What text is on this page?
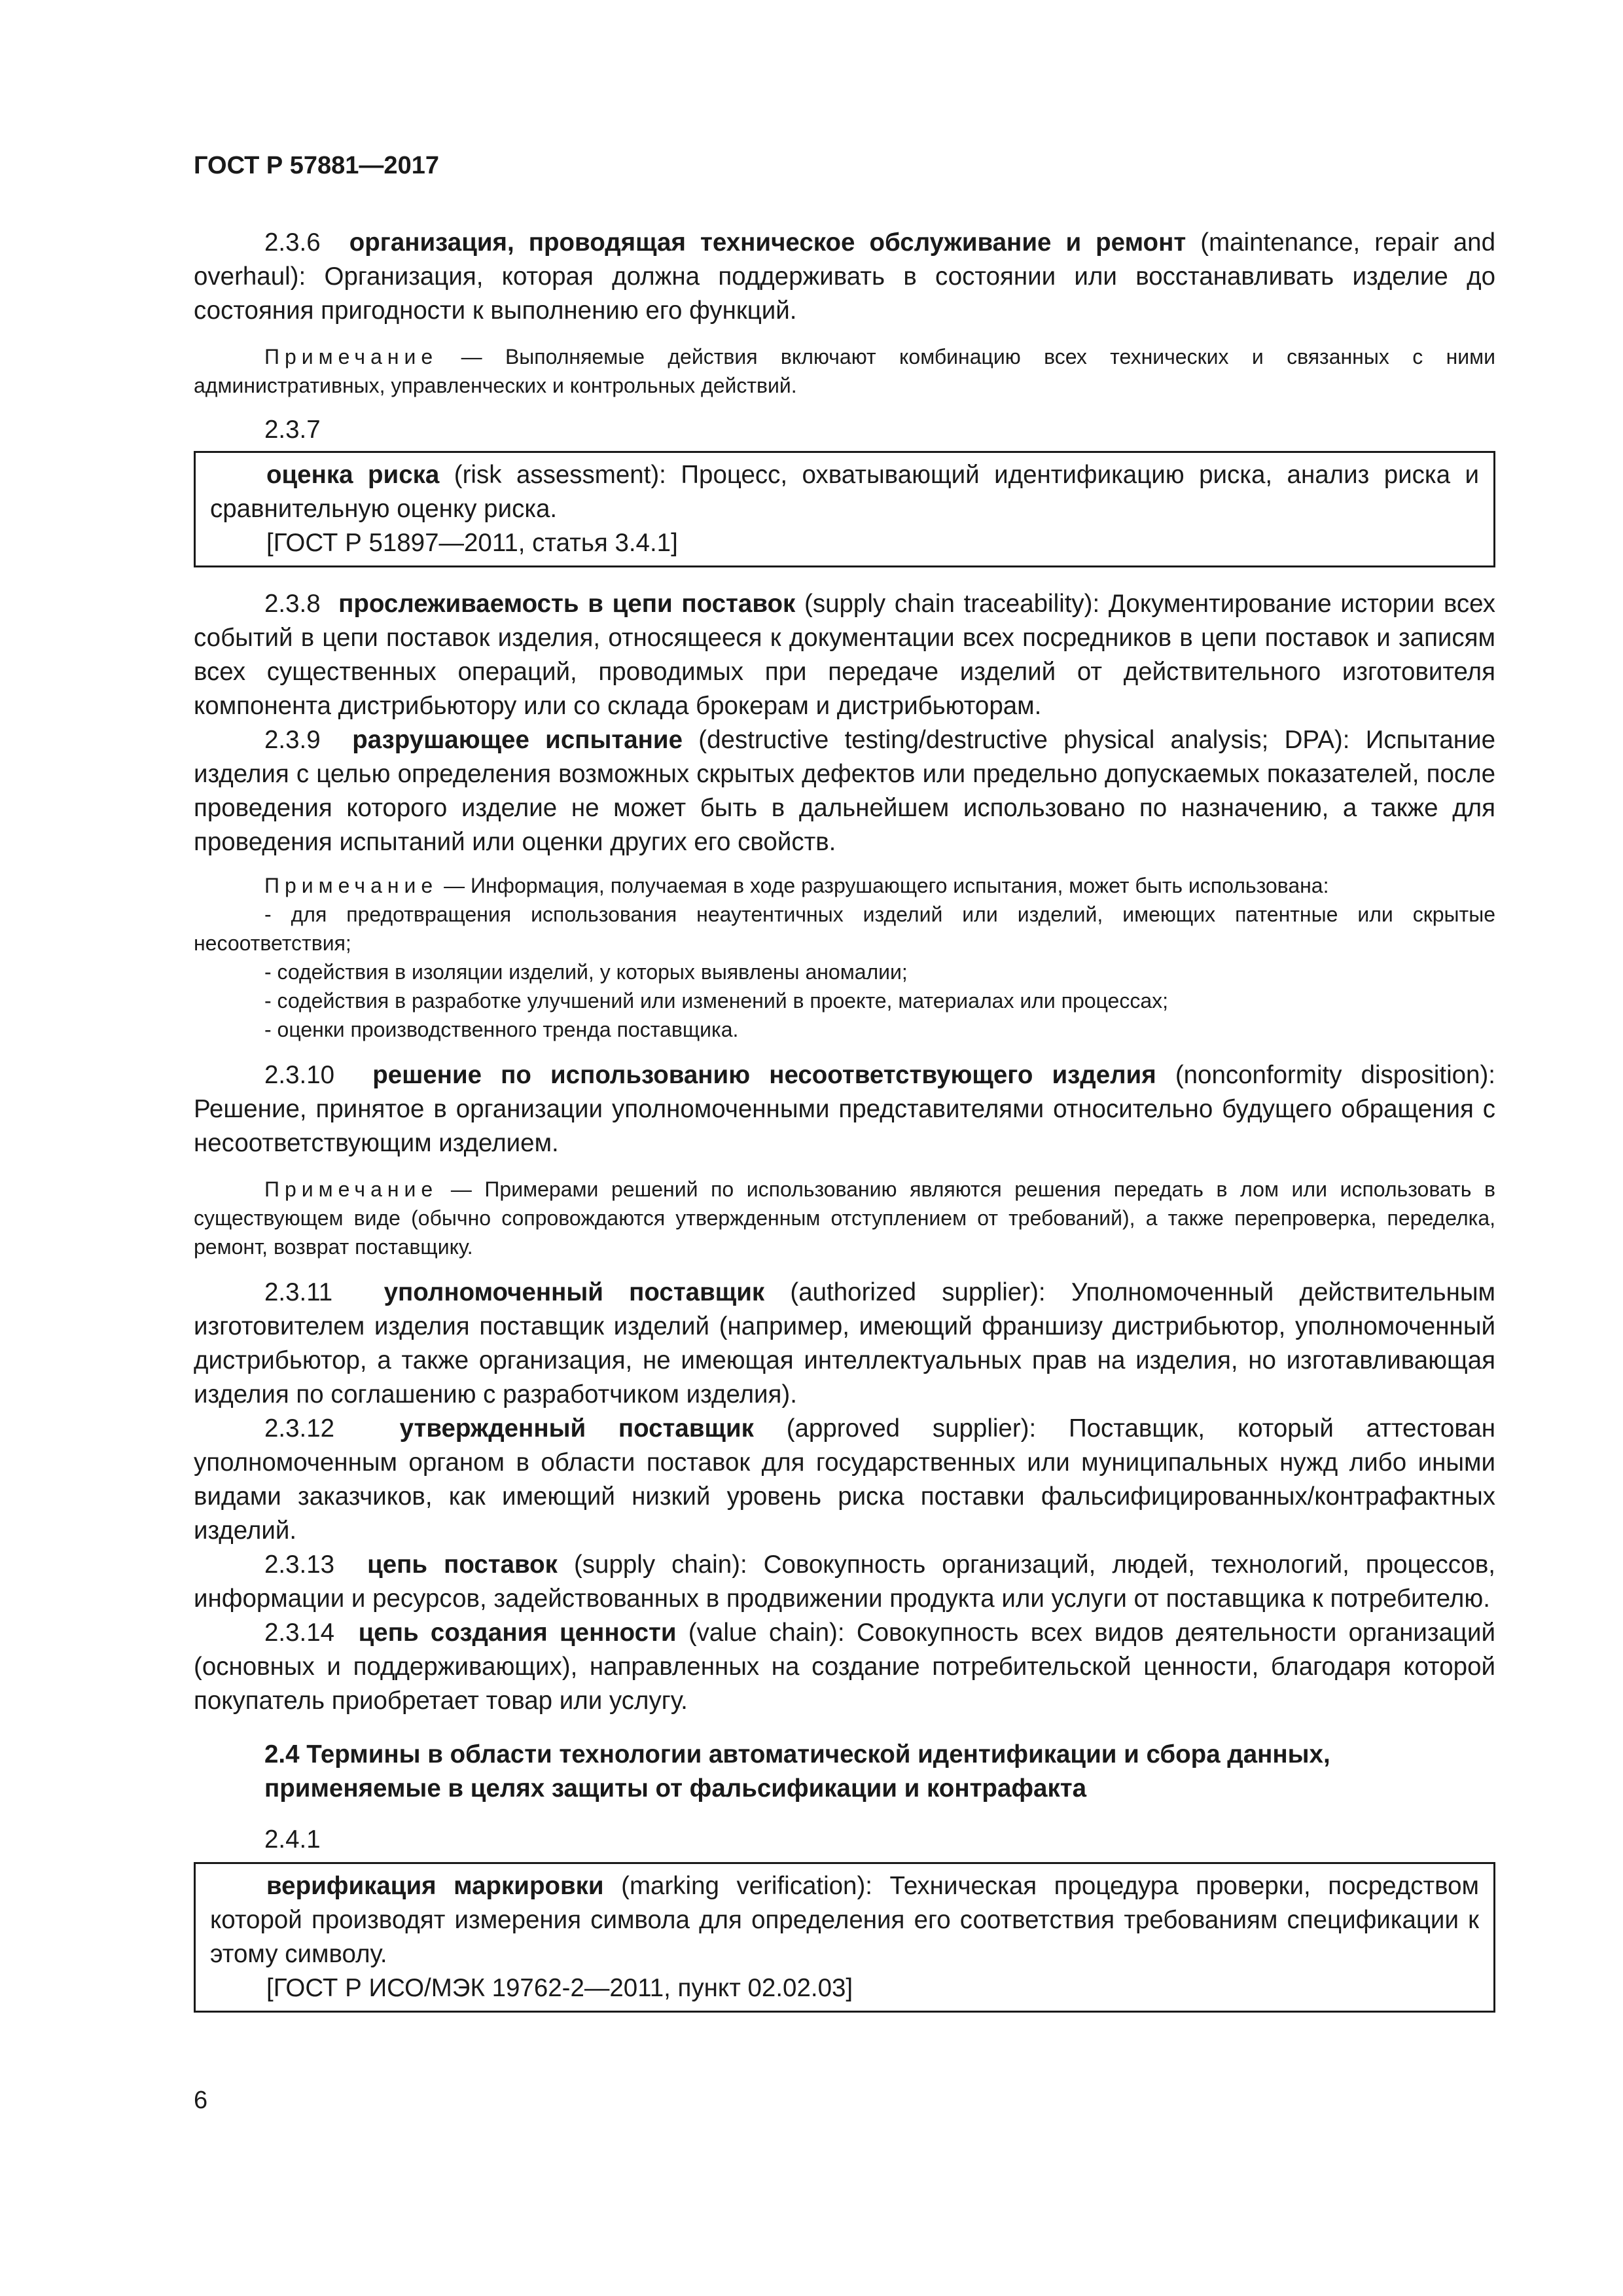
ГОСТ Р 57881—2017

2.3.6 организация, проводящая техническое обслуживание и ремонт (maintenance, repair and overhaul): Организация, которая должна поддерживать в состоянии или восстанавливать изделие до состояния пригодности к выполнению его функций.

Примечание — Выполняемые действия включают комбинацию всех технических и связанных с ними административных, управленческих и контрольных действий.

2.3.7

оценка риска (risk assessment): Процесс, охватывающий идентификацию риска, анализ риска и сравнительную оценку риска.

[ГОСТ Р 51897—2011, статья 3.4.1]

2.3.8 прослеживаемость в цепи поставок (supply chain traceability): Документирование истории всех событий в цепи поставок изделия, относящееся к документации всех посредников в цепи поставок и записям всех существенных операций, проводимых при передаче изделий от действительного изготовителя компонента дистрибьютору или со склада брокерам и дистрибьюторам.

2.3.9 разрушающее испытание (destructive testing/destructive physical analysis; DPA): Испытание изделия с целью определения возможных скрытых дефектов или предельно допускаемых показателей, после проведения которого изделие не может быть в дальнейшем использовано по назначению, а также для проведения испытаний или оценки других его свойств.

Примечание — Информация, получаемая в ходе разрушающего испытания, может быть использована:

- для предотвращения использования неаутентичных изделий или изделий, имеющих патентные или скрытые несоответствия;

- содействия в изоляции изделий, у которых выявлены аномалии;

- содействия в разработке улучшений или изменений в проекте, материалах или процессах;

- оценки производственного тренда поставщика.

2.3.10 решение по использованию несоответствующего изделия (nonconformity disposition): Решение, принятое в организации уполномоченными представителями относительно будущего обращения с несоответствующим изделием.

Примечание — Примерами решений по использованию являются решения передать в лом или использовать в существующем виде (обычно сопровождаются утвержденным отступлением от требований), а также перепроверка, переделка, ремонт, возврат поставщику.

2.3.11 уполномоченный поставщик (authorized supplier): Уполномоченный действительным изготовителем изделия поставщик изделий (например, имеющий франшизу дистрибьютор, уполномоченный дистрибьютор, а также организация, не имеющая интеллектуальных прав на изделия, но изготавливающая изделия по соглашению с разработчиком изделия).

2.3.12	утвержденный поставщик (approved supplier): Поставщик, который аттестован уполномоченным органом в области поставок для государственных или муниципальных нужд либо иными видами заказчиков, как имеющий низкий уровень риска поставки фальсифицированных/контрафактных изделий.

2.3.13 цепь поставок (supply chain): Совокупность организаций, людей, технологий, процессов, информации и ресурсов, задействованных в продвижении продукта или услуги от поставщика к потребителю.

2.3.14 цепь создания ценности (value chain): Совокупность всех видов деятельности организаций (основных и поддерживающих), направленных на создание потребительской ценности, благодаря которой покупатель приобретает товар или услугу.

2.4 Термины в области технологии автоматической идентификации и сбора данных,

применяемые в целях защиты от фальсификации и контрафакта

2.4.1

верификация маркировки (marking verification): Техническая процедура проверки, посредством которой производят измерения символа для определения его соответствия требованиям спецификации к этому символу.

[ГОСТ Р ИСО/МЭК 19762-2—2011, пункт 02.02.03]

6
